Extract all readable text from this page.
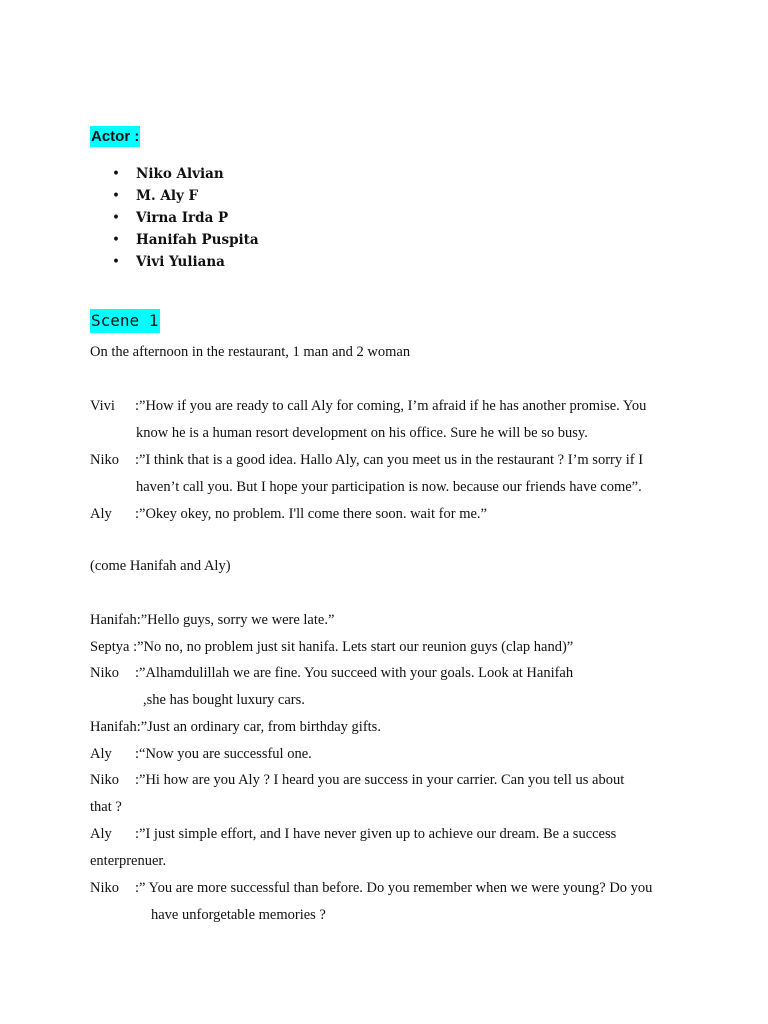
Actor :
• Niko Alvian
• M. Aly F
• Virna Irda P
• Hanifah Puspita
• Vivi Yuliana
Scene 1
On the afternoon in the restaurant, 1 man and 2 woman
Vivi :”How if you are ready to call Aly for coming, I’m afraid if he has another promise. You
know he is a human resort development on his office. Sure he will be so busy.
Niko :”I think that is a good idea. Hallo Aly, can you meet us in the restaurant ? I’m sorry if I
haven’t call you. But I hope your participation is now. because our friends have come”.
Aly :”Okey okey, no problem. I'll come there soon. wait for me.”
(come Hanifah and Aly)
Hanifah:”Hello guys, sorry we were late.”
Septya :”No no, no problem just sit hanifa. Lets start our reunion guys (clap hand)”
Niko :”Alhamdulillah we are fine. You succeed with your goals. Look at Hanifah
,she has bought luxury cars.
Hanifah:”Just an ordinary car, from birthday gifts.
Aly :“Now you are successful one.
Niko :”Hi how are you Aly ? I heard you are success in your carrier. Can you tell us about
that ?
Aly :”I just simple effort, and I have never given up to achieve our dream. Be a success
enterprenuer.
Niko :” You are more successful than before. Do you remember when we were young? Do you
have unforgetable memories ?
